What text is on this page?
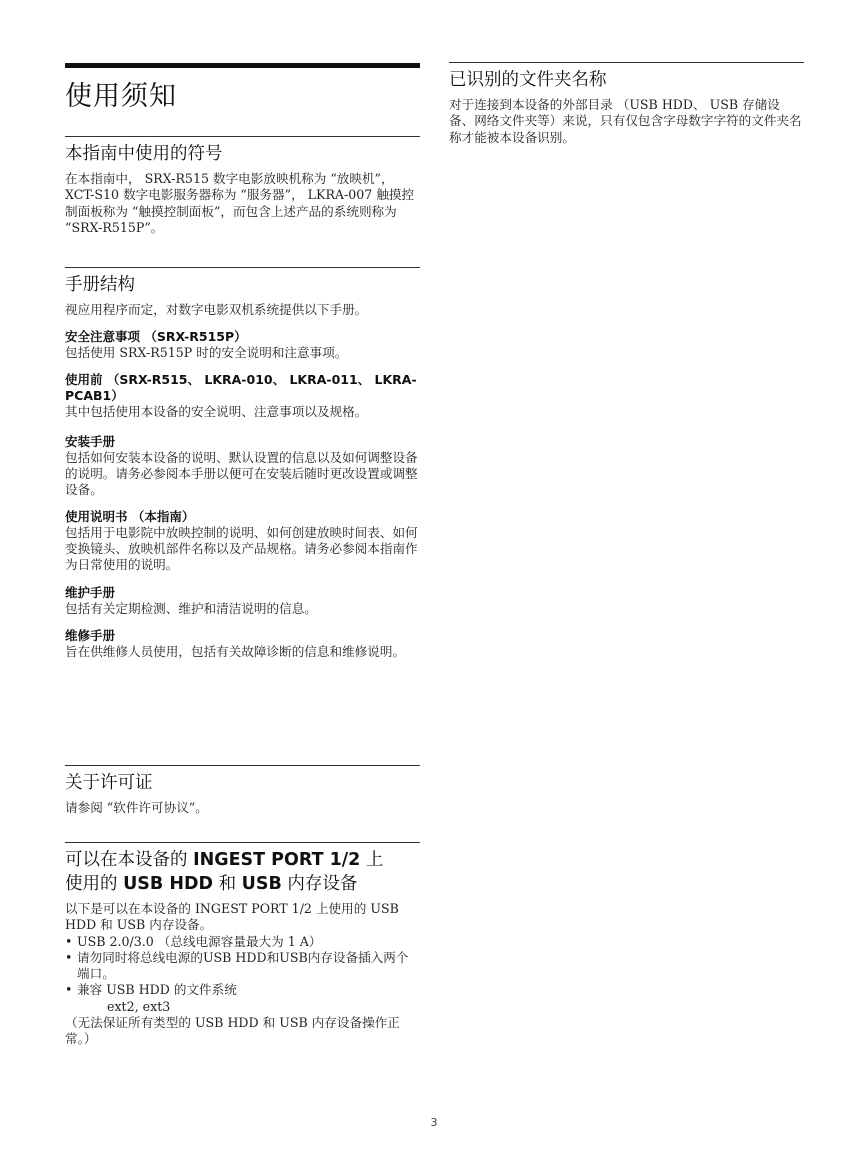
使用须知
本指南中使用的符号

在本指南中， SRX-R515 数字电影放映机称为 “放映机”， XCT-S10 数字电影服务器称为 “服务器”， LKRA-007 触摸控制面板称为 “触摸控制面板”，而包含上述产品的系统则称为 “SRX-R515P”。

手册结构

视应用程序而定，对数字电影双机系统提供以下手册。

安全注意事项 （SRX-R515P）

包括使用 SRX-R515P 时的安全说明和注意事项。

使用前 （SRX-R515、 LKRA-010、 LKRA-011、 LKRA-PCAB1）

其中包括使用本设备的安全说明、注意事项以及规格。

安装手册

包括如何安装本设备的说明、默认设置的信息以及如何调整设备的说明。请务必参阅本手册以便可在安装后随时更改设置或调整设备。

使用说明书 （本指南）

包括用于电影院中放映控制的说明、如何创建放映时间表、如何变换镜头、放映机部件名称以及产品规格。请务必参阅本指南作为日常使用的说明。

维护手册

包括有关定期检测、维护和清洁说明的信息。

维修手册

旨在供维修人员使用，包括有关故障诊断的信息和维修说明。

关于许可证

请参阅 “软件许可协议”。

可以在本设备的 INGEST PORT 1/2 上
使用的 USB HDD 和 USB 内存设备

以下是可以在本设备的 INGEST PORT 1/2 上使用的 USB HDD 和 USB 内存设备。

• USB 2.0/3.0 （总线电源容量最大为 1 A）
• 请勿同时将总线电源的USB HDD和USB内存设备插入两个端口。
• 兼容 USB HDD 的文件系统

ext2, ext3

（无法保证所有类型的 USB HDD 和 USB 内存设备操作正常。）

已识别的文件夹名称

对于连接到本设备的外部目录 （USB HDD、 USB 存储设备、网络文件夹等）来说，只有仅包含字母数字字符的文件夹名称才能被本设备识别。

3
